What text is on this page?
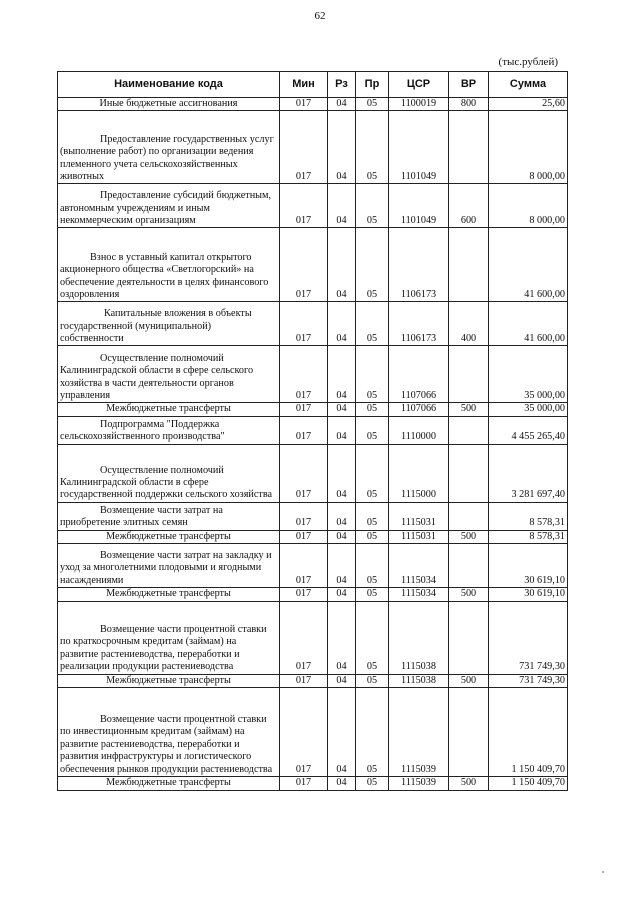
62
(тыс.рублей)
Наименование кода	Мин	Рз	Пр	ЦСР	ВР	Сумма
Иные бюджетные ассигнования	017	04	05	1100019	800	25,60
Предоставление государственных услуг (выполнение работ) по организации ведения племенного учета сельскохозяйственных животных	017	04	05	1101049		8 000,00
Предоставление субсидий бюджетным, автономным учреждениям и иным некоммерческим организациям	017	04	05	1101049	600	8 000,00
Взнос в уставный капитал открытого акционерного общества «Светлогорский» на обеспечение деятельности в целях финансового оздоровления	017	04	05	1106173		41 600,00
Капитальные вложения в объекты государственной (муниципальной) собственности	017	04	05	1106173	400	41 600,00
Осуществление полномочий Калининградской области в сфере сельского хозяйства в части деятельности органов управления	017	04	05	1107066		35 000,00
Межбюджетные трансферты	017	04	05	1107066	500	35 000,00
Подпрограмма "Поддержка сельскохозяйственного производства"	017	04	05	1110000		4 455 265,40
Осуществление полномочий Калининградской области в сфере государственной поддержки сельского хозяйства	017	04	05	1115000		3 281 697,40
Возмещение части затрат на приобретение элитных семян	017	04	05	1115031		8 578,31
Межбюджетные трансферты	017	04	05	1115031	500	8 578,31
Возмещение части затрат на закладку и уход за многолетними плодовыми и ягодными насаждениями	017	04	05	1115034		30 619,10
Межбюджетные трансферты	017	04	05	1115034	500	30 619,10
Возмещение части процентной ставки по краткосрочным кредитам (займам) на развитие растениеводства, переработки и реализации продукции растениеводства	017	04	05	1115038		731 749,30
Межбюджетные трансферты	017	04	05	1115038	500	731 749,30
Возмещение части процентной ставки по инвестиционным кредитам (займам) на развитие растениеводства, переработки и развития инфраструктуры и логистического обеспечения рынков продукции растениеводства	017	04	05	1115039		1 150 409,70
Межбюджетные трансферты	017	04	05	1115039	500	1 150 409,70
